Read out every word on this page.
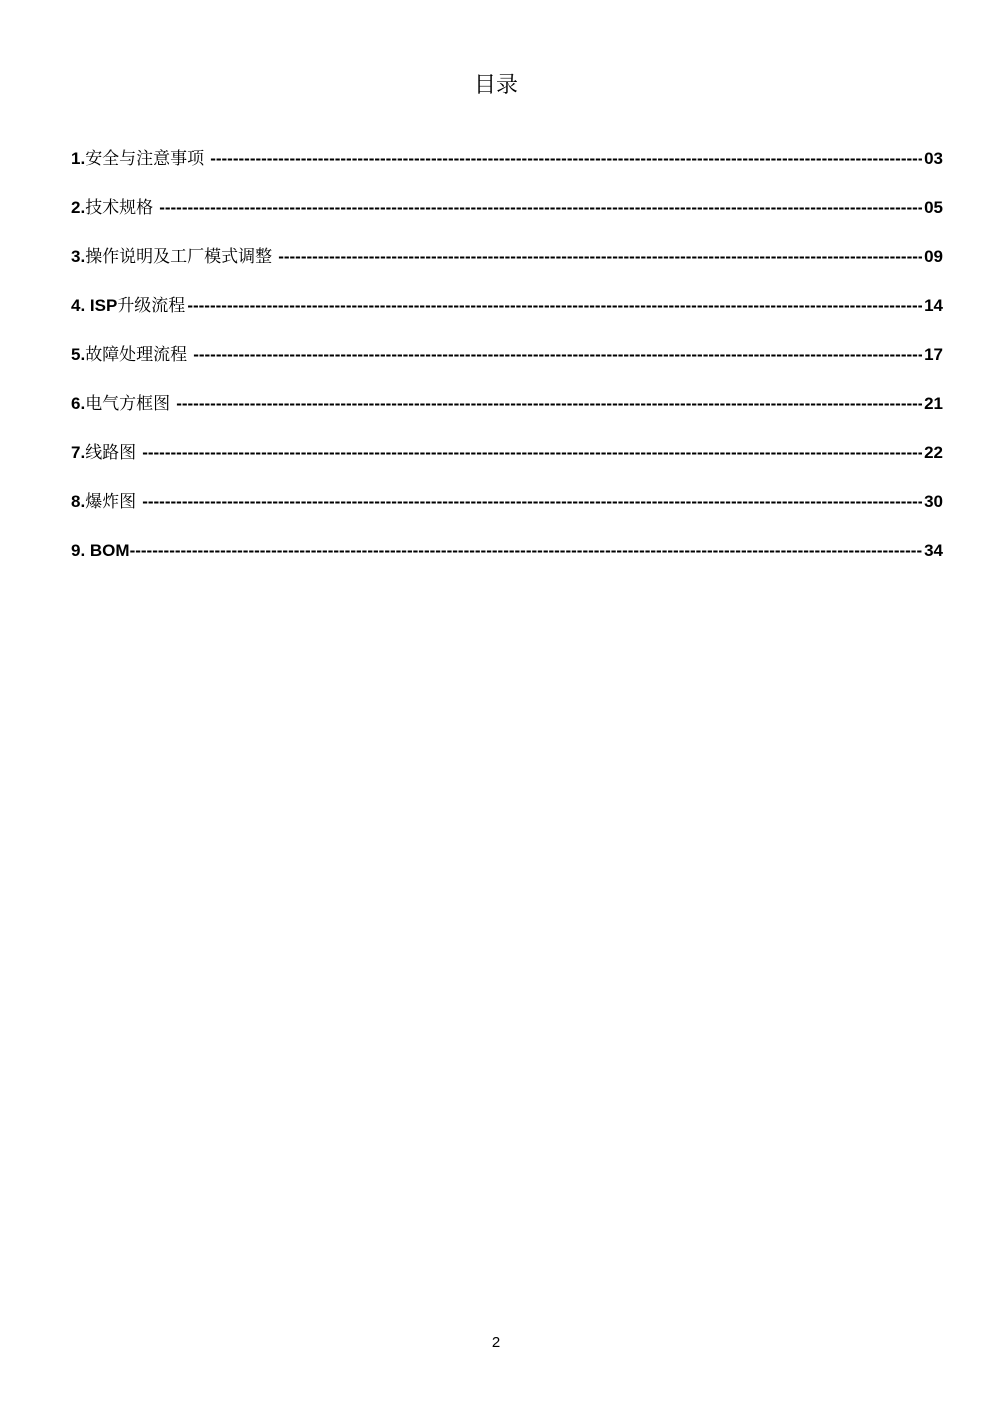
目录
1. 安全与注意事项 -----	03
2. 技术规格 -----	05
3. 操作说明及工厂模式调整 -----	09
4. ISP 升级流程 -----	14
5. 故障处理流程 -----	17
6. 电气方框图 -----	21
7. 线路图 -----	22
8. 爆炸图 -----	30
9. BOM -----	34
2
